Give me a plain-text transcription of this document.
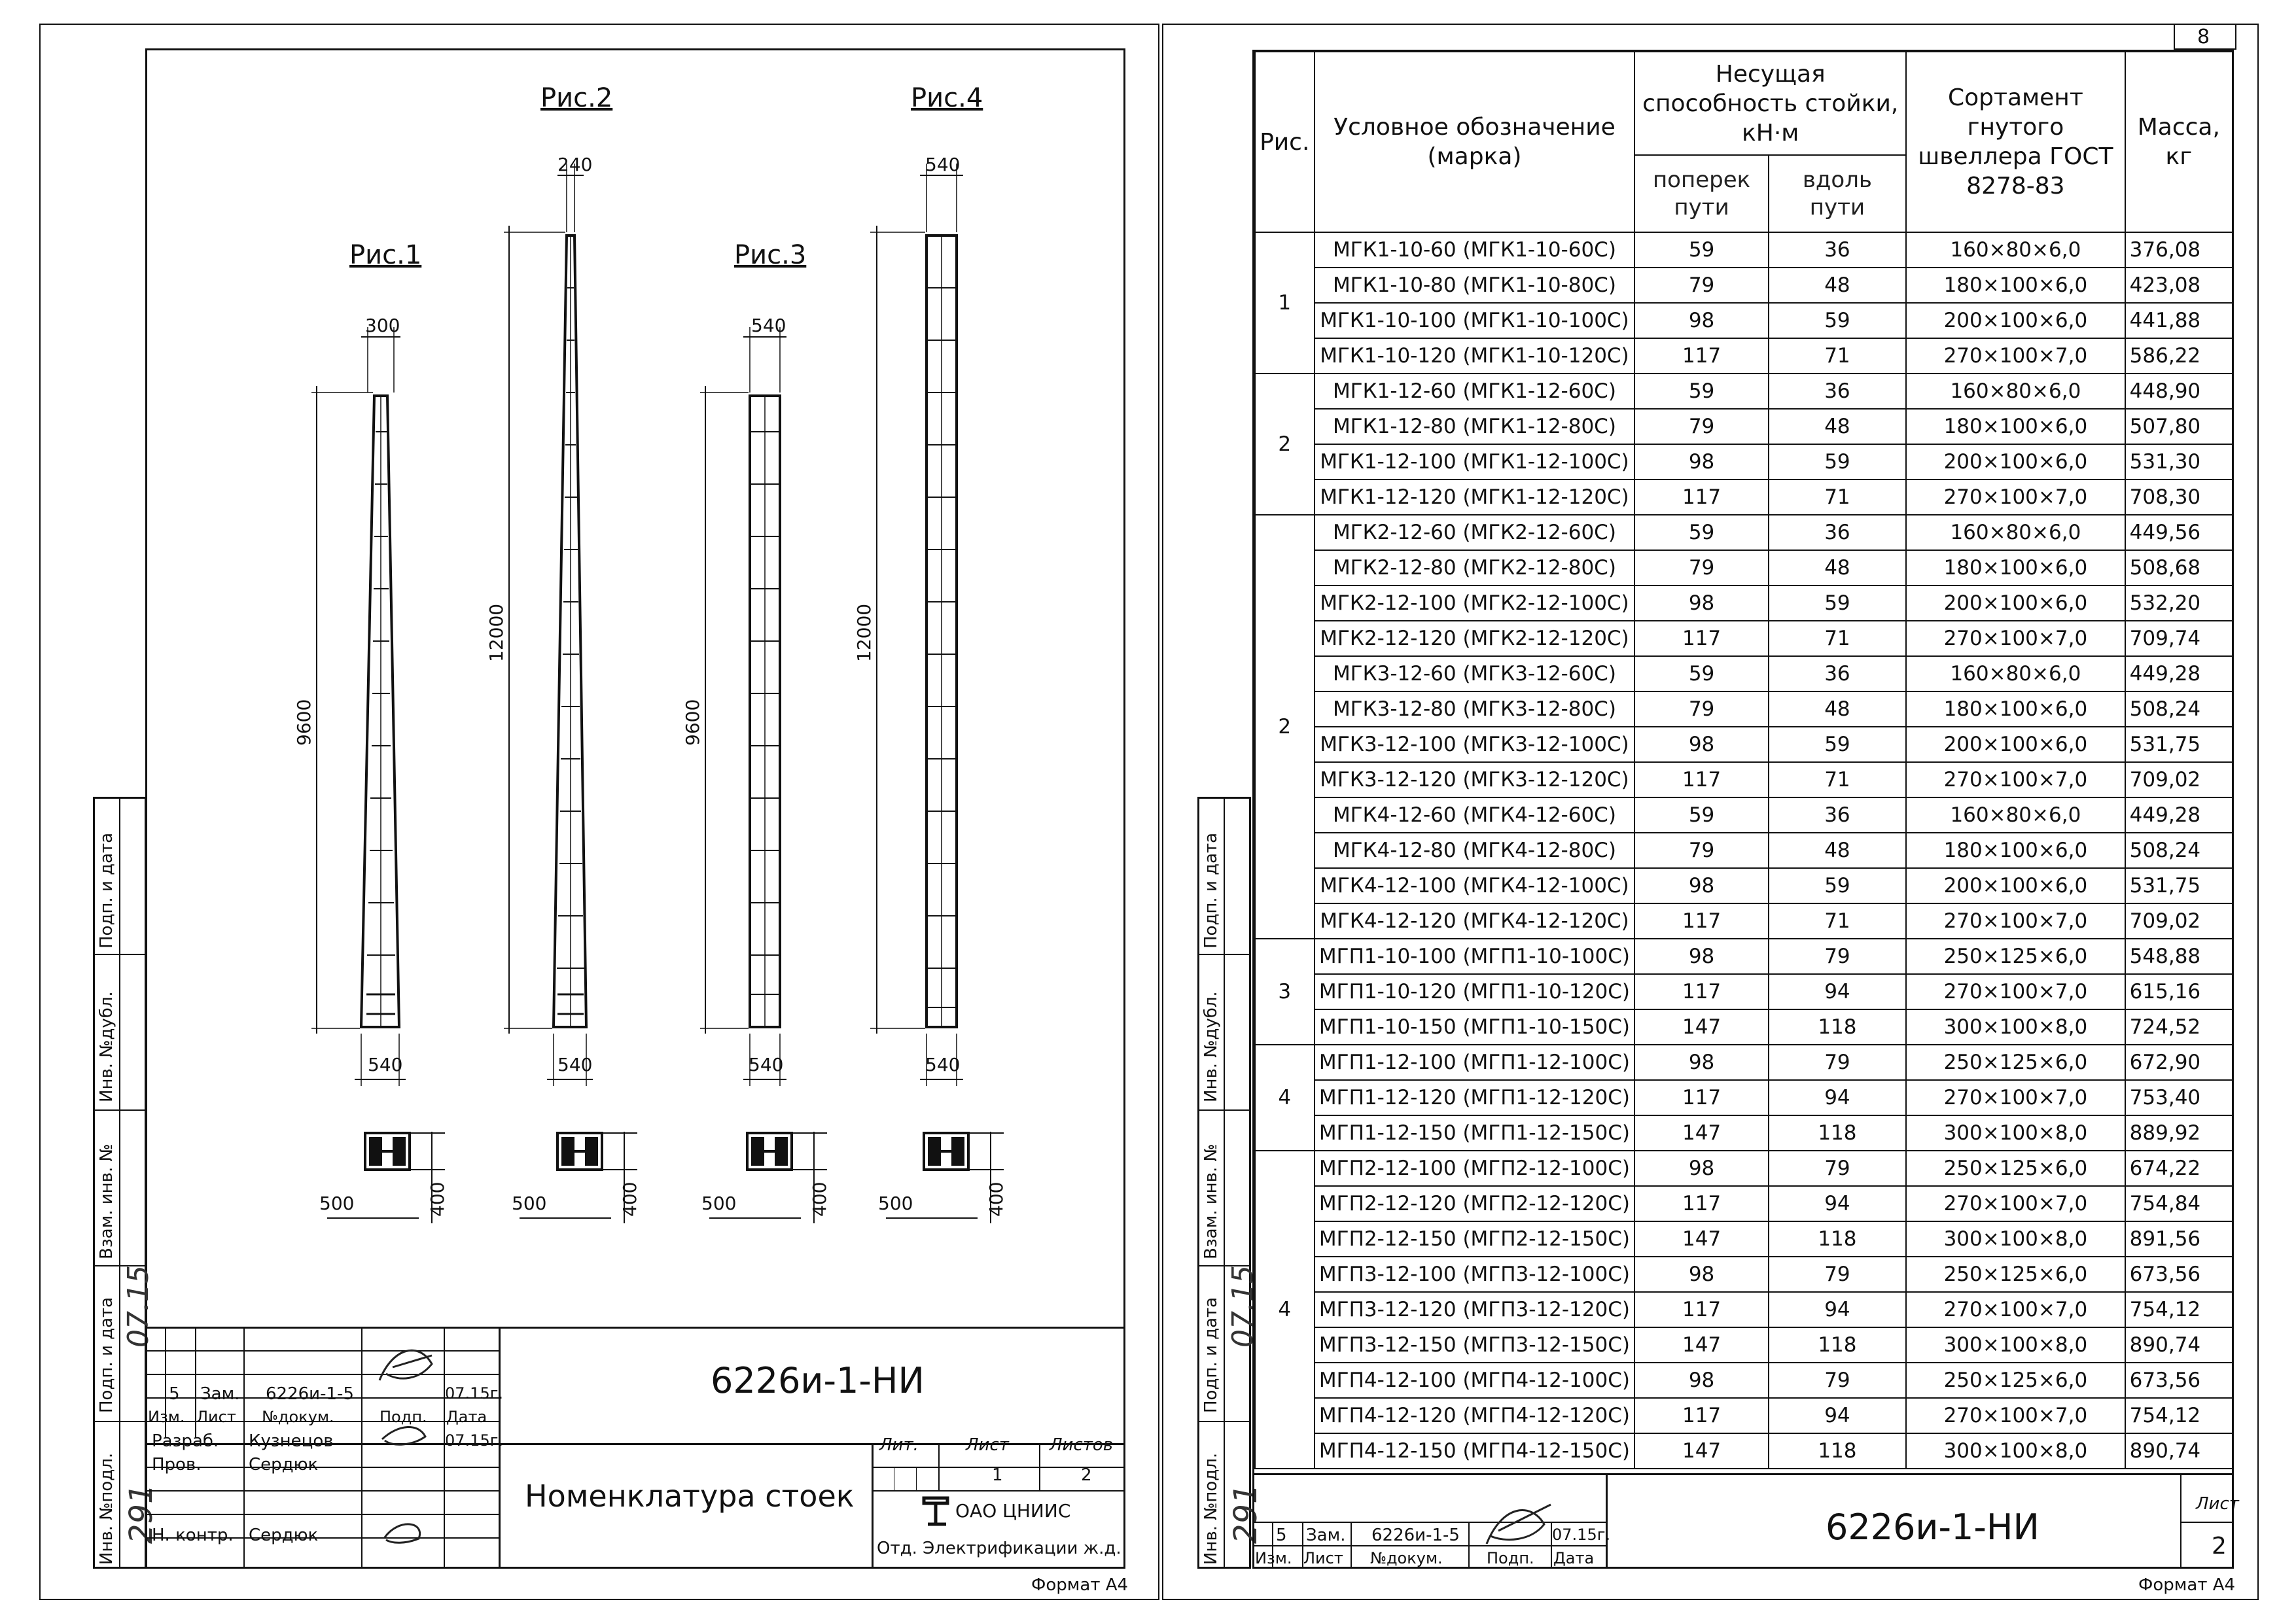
Подп. и дата
Инв. №дубл.
Взам. инв. №
Подп. и дата
Инв. №подл.
07.15
291
Рис.1
Рис.2
Рис.3
Рис.4
300
240
540
540
9600
12000
9600
12000
540	540	540	540
500	500	500	500
400	400	400	400
5 Зам. 6226и-1-5	07.15г.
Изм. Лист №докум.	Подп. Дата
Разраб. Кузнецов	07.15г.
Пров.	Сердюк
Н. контр. Сердюк
6226и-1-НИ
Номенклатура стоек
Лит.	Лист Листов
1	2
ОАО ЦНИИС
Отд. Электрификации ж.д.
Формат А4
8
Подп. и дата
Инв. №дубл.
Взам. инв. №
Подп. и дата
Инв. №подл.
07.15
291
Рис.	Условное обозначение (марка)	Несущая способность стойки, кН·м		Сортамент гнутого швеллера ГОСТ 8278-83	Масса, кг
		поперек пути	вдоль пути		
1	МГК1-10-60 (МГК1-10-60С)	59	36	160×80×6,0	376,08
	МГК1-10-80 (МГК1-10-80С)	79	48	180×100×6,0	423,08
	МГК1-10-100 (МГК1-10-100С)	98	59	200×100×6,0	441,88
	МГК1-10-120 (МГК1-10-120С)	117	71	270×100×7,0	586,22
2	МГК1-12-60 (МГК1-12-60С)	59	36	160×80×6,0	448,90
	МГК1-12-80 (МГК1-12-80С)	79	48	180×100×6,0	507,80
	МГК1-12-100 (МГК1-12-100С)	98	59	200×100×6,0	531,30
	МГК1-12-120 (МГК1-12-120С)	117	71	270×100×7,0	708,30
2	МГК2-12-60 (МГК2-12-60С)	59	36	160×80×6,0	449,56
	МГК2-12-80 (МГК2-12-80С)	79	48	180×100×6,0	508,68
	МГК2-12-100 (МГК2-12-100С)	98	59	200×100×6,0	532,20
	МГК2-12-120 (МГК2-12-120С)	117	71	270×100×7,0	709,74
	МГК3-12-60 (МГК3-12-60С)	59	36	160×80×6,0	449,28
	МГК3-12-80 (МГК3-12-80С)	79	48	180×100×6,0	508,24
	МГК3-12-100 (МГК3-12-100С)	98	59	200×100×6,0	531,75
	МГК3-12-120 (МГК3-12-120С)	117	71	270×100×7,0	709,02
	МГК4-12-60 (МГК4-12-60С)	59	36	160×80×6,0	449,28
	МГК4-12-80 (МГК4-12-80С)	79	48	180×100×6,0	508,24
	МГК4-12-100 (МГК4-12-100С)	98	59	200×100×6,0	531,75
	МГК4-12-120 (МГК4-12-120С)	117	71	270×100×7,0	709,02
3	МГП1-10-100 (МГП1-10-100С)	98	79	250×125×6,0	548,88
	МГП1-10-120 (МГП1-10-120С)	117	94	270×100×7,0	615,16
	МГП1-10-150 (МГП1-10-150С)	147	118	300×100×8,0	724,52
4	МГП1-12-100 (МГП1-12-100С)	98	79	250×125×6,0	672,90
	МГП1-12-120 (МГП1-12-120С)	117	94	270×100×7,0	753,40
	МГП1-12-150 (МГП1-12-150С)	147	118	300×100×8,0	889,92
4	МГП2-12-100 (МГП2-12-100С)	98	79	250×125×6,0	674,22
	МГП2-12-120 (МГП2-12-120С)	117	94	270×100×7,0	754,84
	МГП2-12-150 (МГП2-12-150С)	147	118	300×100×8,0	891,56
	МГП3-12-100 (МГП3-12-100С)	98	79	250×125×6,0	673,56
	МГП3-12-120 (МГП3-12-120С)	117	94	270×100×7,0	754,12
	МГП3-12-150 (МГП3-12-150С)	147	118	300×100×8,0	890,74
	МГП4-12-100 (МГП4-12-100С)	98	79	250×125×6,0	673,56
	МГП4-12-120 (МГП4-12-120С)	117	94	270×100×7,0	754,12
	МГП4-12-150 (МГП4-12-150С)	147	118	300×100×8,0	890,74
5 Зам. 6226и-1-5	07.15г.
Изм. Лист №докум.	Подп. Дата
6226и-1-НИ
Лист
2
Формат А4
